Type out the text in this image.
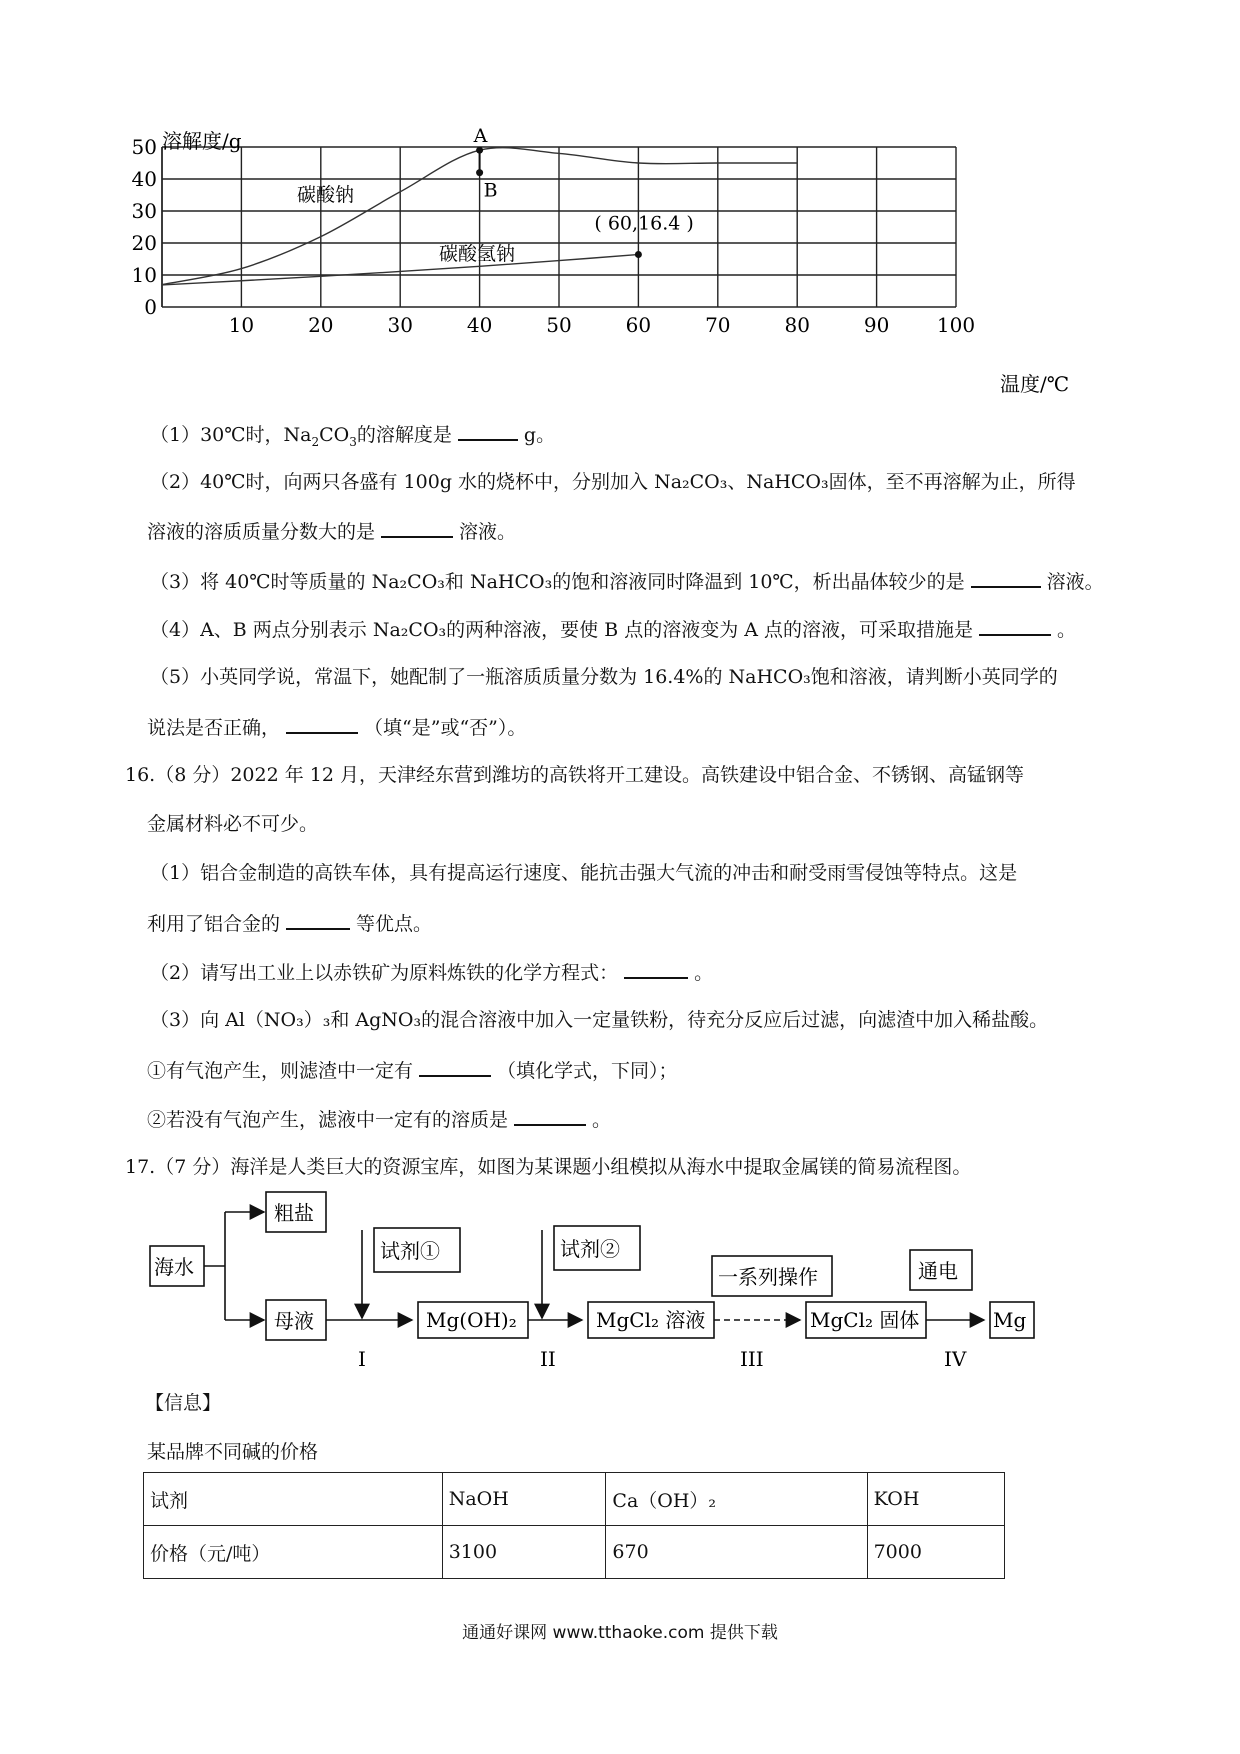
0
10
20
30
40
50
10	20	30	40	50	60	70	80	90 100
碳酸钠
碳酸氢钠
A
B
( 60,16.4 )
溶解度/g
温度/℃
（1）30℃时，$Na_2CO_3$的溶解度是	g。
（2）40℃时，向两只各盛有 100g 水的烧杯中，分别加入 Na₂CO₃、NaHCO₃固体，至不再溶解为止，所得
溶液的溶质质量分数大的是	溶液。
（3）将 40℃时等质量的 Na₂CO₃和 NaHCO₃的饱和溶液同时降温到 10℃，析出晶体较少的是	溶液。
（4）A、B 两点分别表示 Na₂CO₃的两种溶液，要使 B 点的溶液变为 A 点的溶液，可采取措施是	。
（5）小英同学说，常温下，她配制了一瓶溶质质量分数为 16.4%的 NaHCO₃饱和溶液，请判断小英同学的
说法是否正确，	（填“是”或“否”）。
16.（8 分）2022 年 12 月，天津经东营到潍坊的高铁将开工建设。高铁建设中铝合金、不锈钢、高锰钢等
金属材料必不可少。
（1）铝合金制造的高铁车体，具有提高运行速度、能抗击强大气流的冲击和耐受雨雪侵蚀等特点。这是
利用了铝合金的	等优点。
（2）请写出工业上以赤铁矿为原料炼铁的化学方程式：	。
（3）向 Al（NO₃）₃和 AgNO₃的混合溶液中加入一定量铁粉，待充分反应后过滤，向滤渣中加入稀盐酸。
①有气泡产生，则滤渣中一定有	（填化学式，下同）；
②若没有气泡产生，滤液中一定有的溶质是	。
17.（7 分）海洋是人类巨大的资源宝库，如图为某课题小组模拟从海水中提取金属镁的简易流程图。
海水
粗盐
母液
试剂①
Mg(OH)₂
试剂②
MgCl₂ 溶液
一系列操作
MgCl₂ 固体
通电
Mg
I	II	III	IV
【信息】
某品牌不同碱的价格
试剂	NaOH	Ca（OH）₂	KOH
价格（元/吨）	3100	670	7000
通通好课网 www.tthaoke.com 提供下载
